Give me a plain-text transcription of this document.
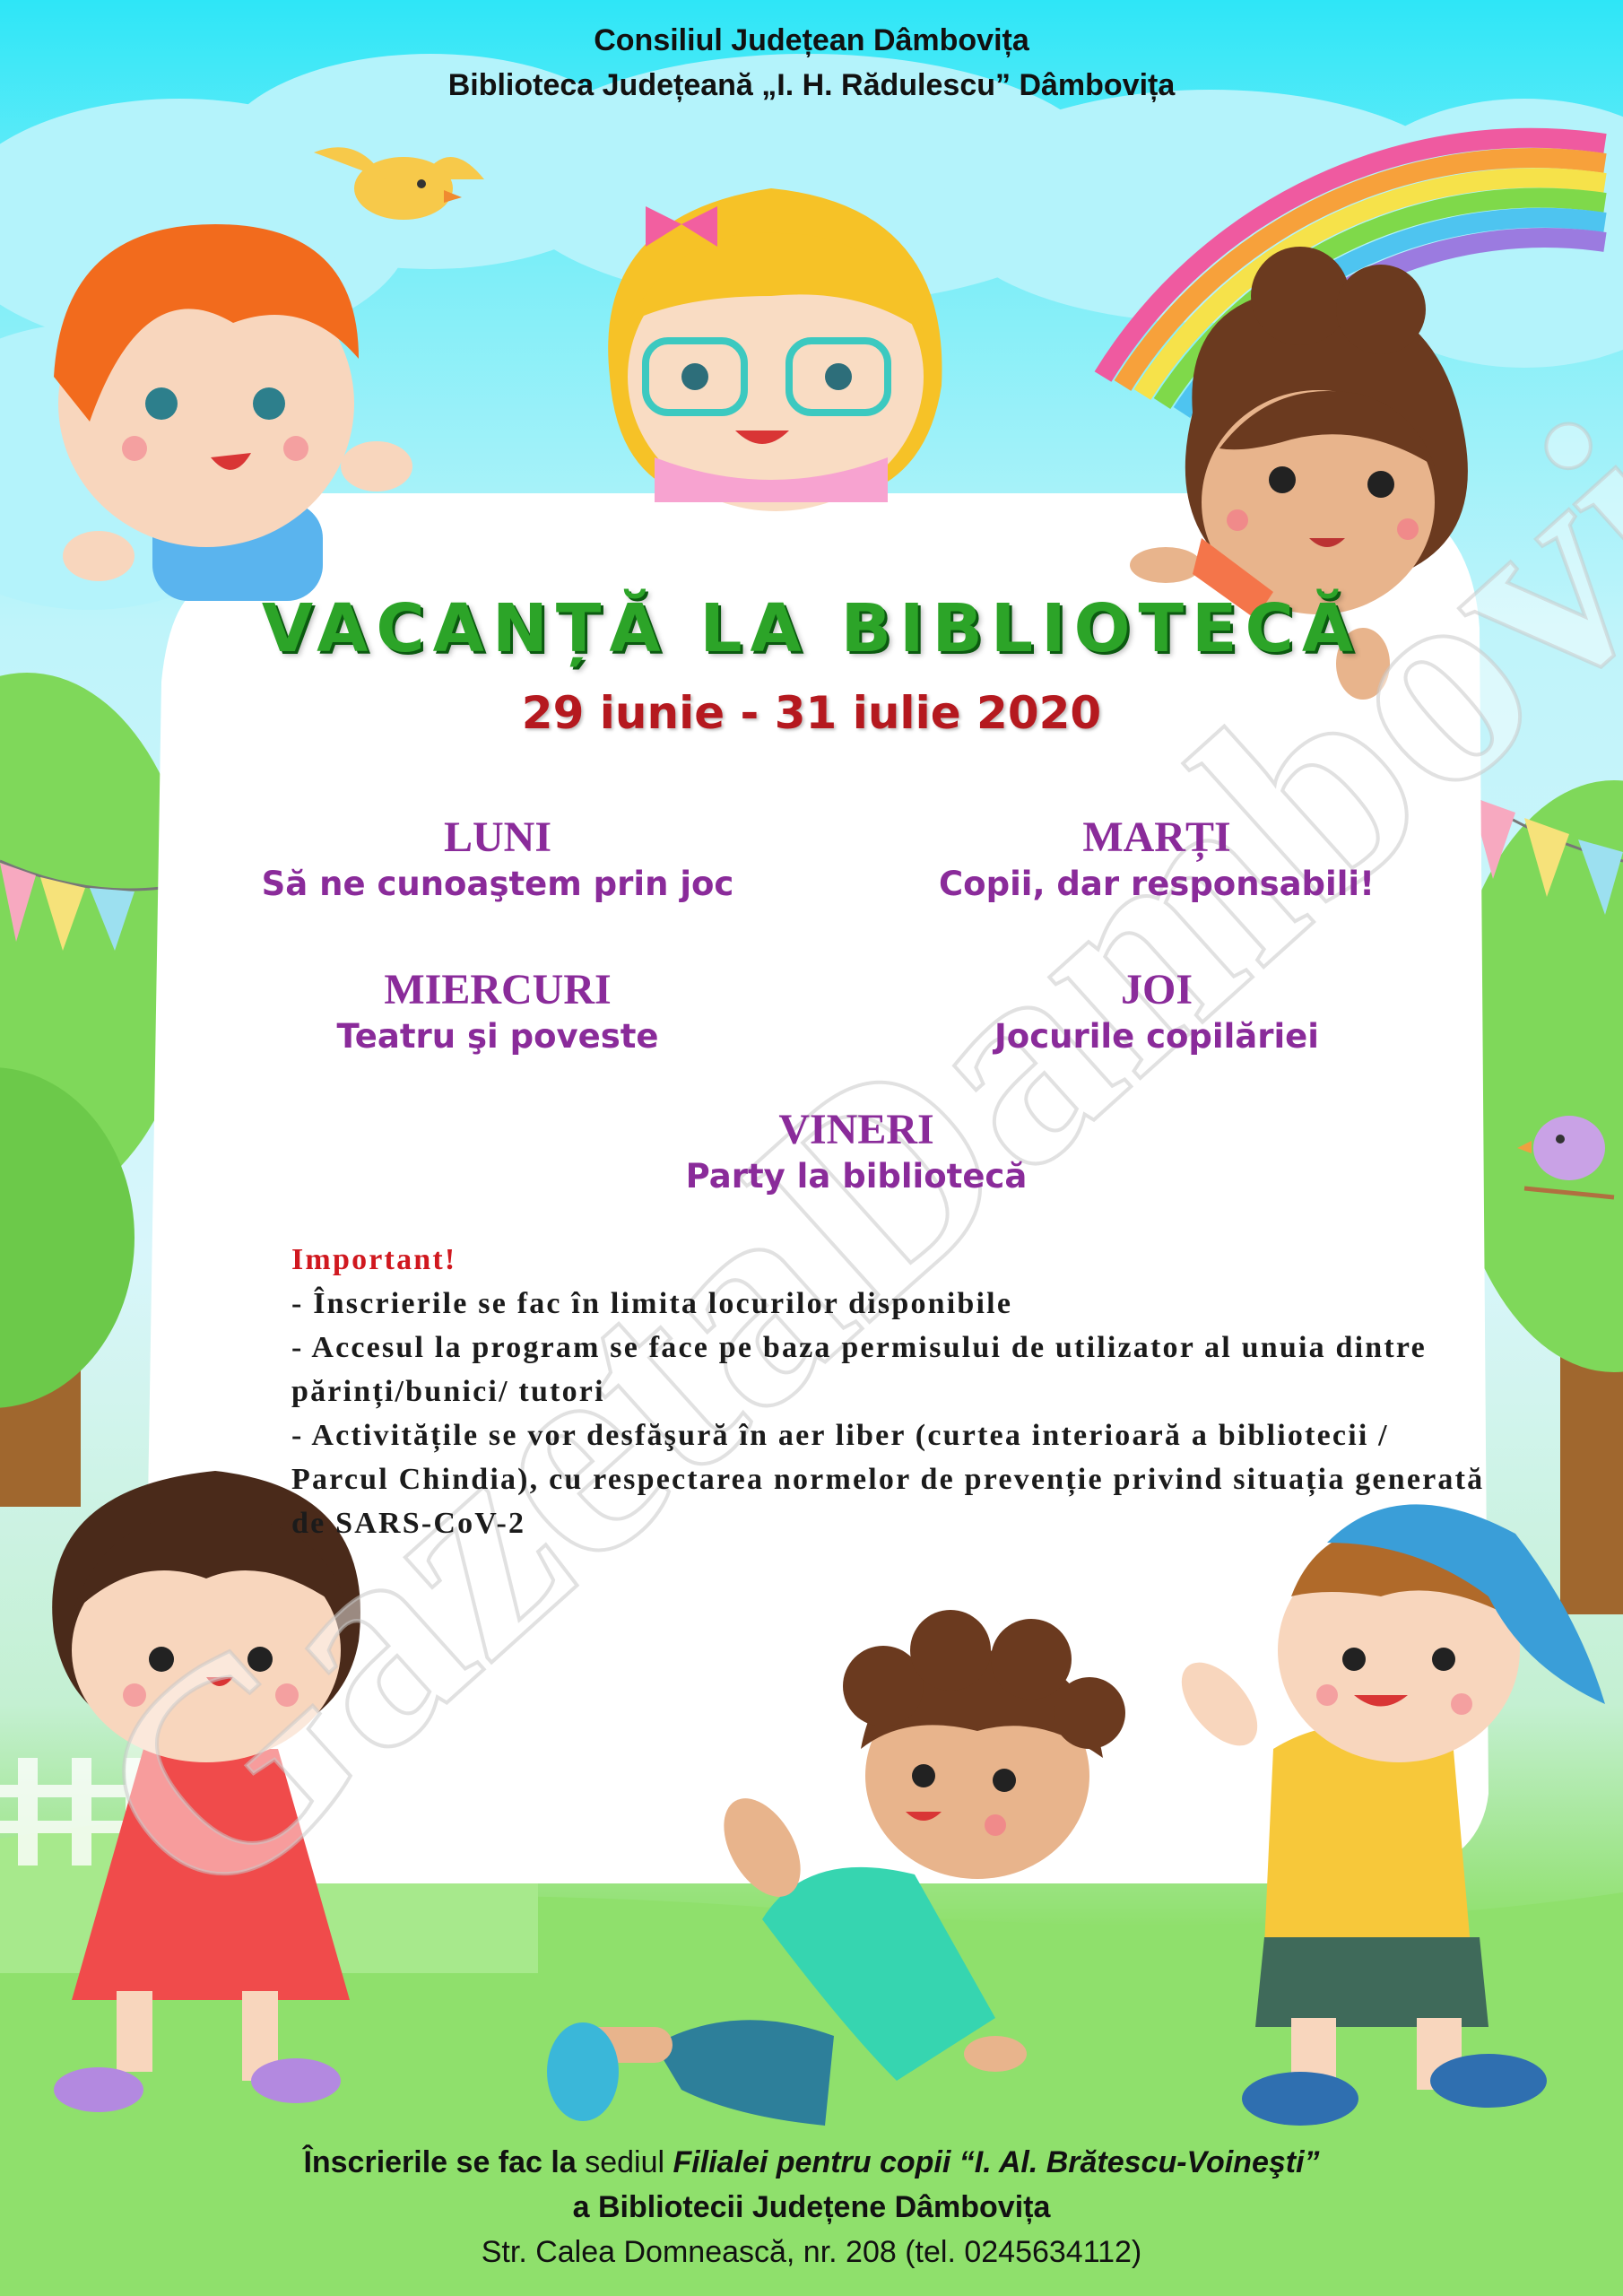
Consiliul Județean Dâmbovița
Biblioteca Județeană „I. H. Rădulescu” Dâmbovița
VACANȚĂ LA BIBLIOTECĂ
29 iunie - 31 iulie 2020
LUNI
Să ne cunoaştem prin joc
MARȚI
Copii, dar responsabili!
MIERCURI
Teatru şi poveste
JOI
Jocurile copilăriei
VINERI
Party la bibliotecă
Important!
- Înscrierile se fac în limita locurilor disponibile
- Accesul la program se face pe baza permisului de utilizator al unuia dintre părinți/bunici/ tutori
- Activitățile se vor desfăşură în aer liber (curtea interioară a bibliotecii / Parcul Chindia), cu respectarea normelor de prevenție privind situația generată de SARS-CoV-2
Înscrierile se fac la sediul Filialei pentru copii “I. Al. Brătescu-Voineşti”
a Bibliotecii Județene Dâmbovița
Str. Calea Domnească, nr. 208 (tel. 0245634112)
